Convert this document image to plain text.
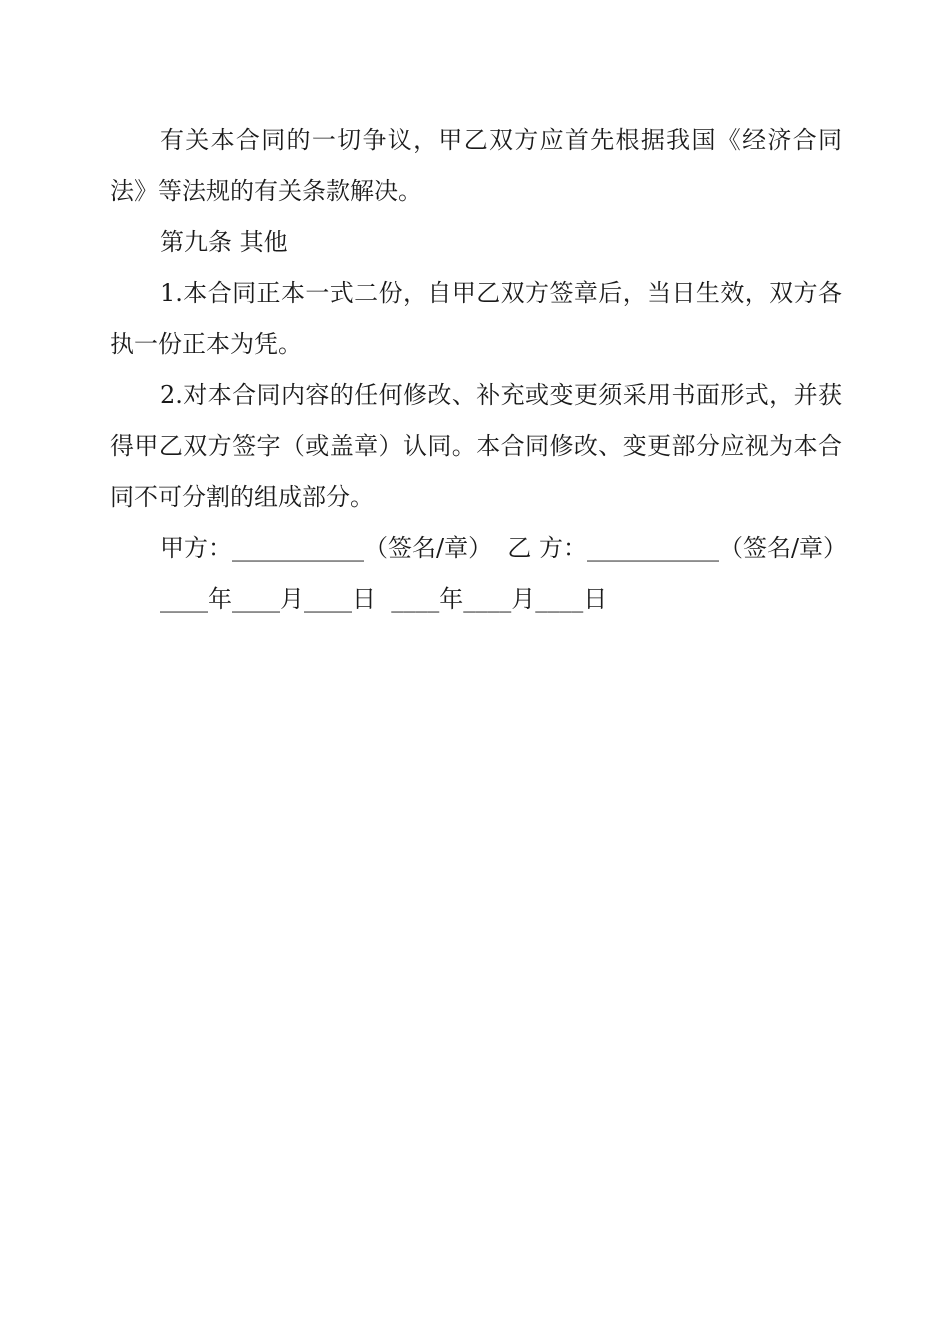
有关本合同的一切争议，甲乙双方应首先根据我国《经济合同法》等法规的有关条款解决。

第九条 其他

1.本合同正本一式二份，自甲乙双方签章后，当日生效，双方各执一份正本为凭。

2.对本合同内容的任何修改、补充或变更须采用书面形式，并获得甲乙双方签字（或盖章）认同。本合同修改、变更部分应视为本合同不可分割的组成部分。

甲方：___________（签名/章）  乙 方：___________（签名/章）

____年____月____日  ____年____月____日
